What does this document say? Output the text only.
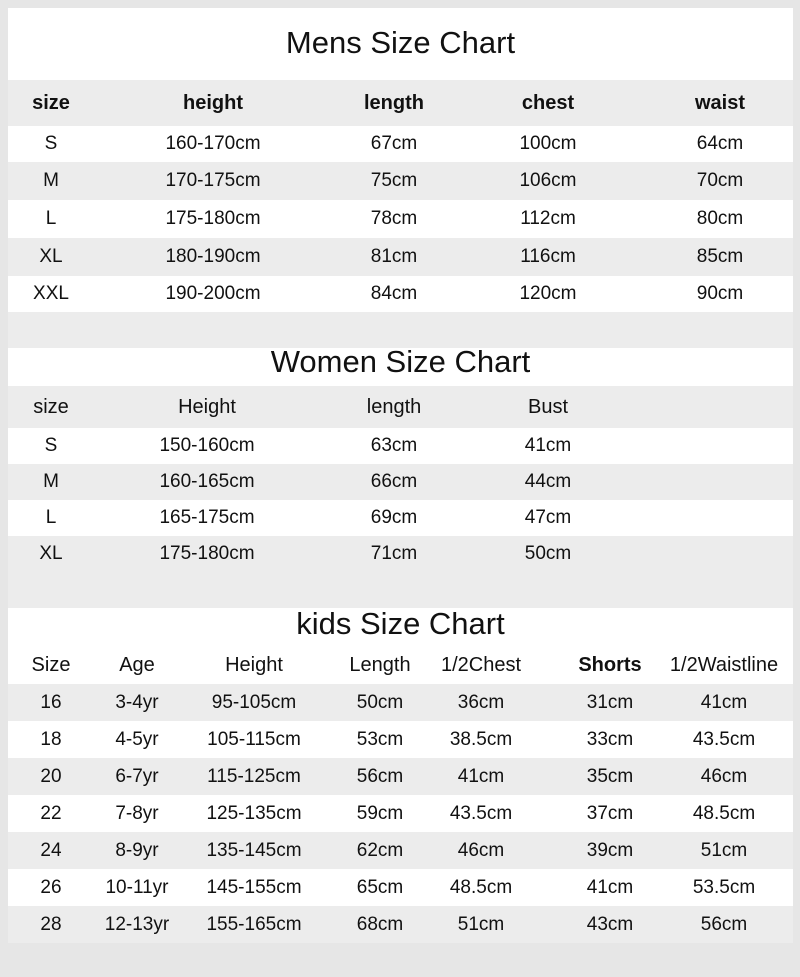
Mens Size Chart
size	height	length	chest	waist
S	160-170cm	67cm	100cm	64cm
M	170-175cm	75cm	106cm	70cm
L	175-180cm	78cm	112cm	80cm
XL	180-190cm	81cm	116cm	85cm
XXL	190-200cm	84cm	120cm	90cm
Women Size Chart
size	Height	length	Bust
S	150-160cm	63cm	41cm
M	160-165cm	66cm	44cm
L	165-175cm	69cm	47cm
XL	175-180cm	71cm	50cm
kids Size Chart
Size	Age	Height	Length	1/2Chest	Shorts	1/2Waistline
16	3-4yr	95-105cm	50cm	36cm	31cm	41cm
18	4-5yr	105-115cm	53cm	38.5cm	33cm	43.5cm
20	6-7yr	115-125cm	56cm	41cm	35cm	46cm
22	7-8yr	125-135cm	59cm	43.5cm	37cm	48.5cm
24	8-9yr	135-145cm	62cm	46cm	39cm	51cm
26	10-11yr	145-155cm	65cm	48.5cm	41cm	53.5cm
28	12-13yr	155-165cm	68cm	51cm	43cm	56cm
